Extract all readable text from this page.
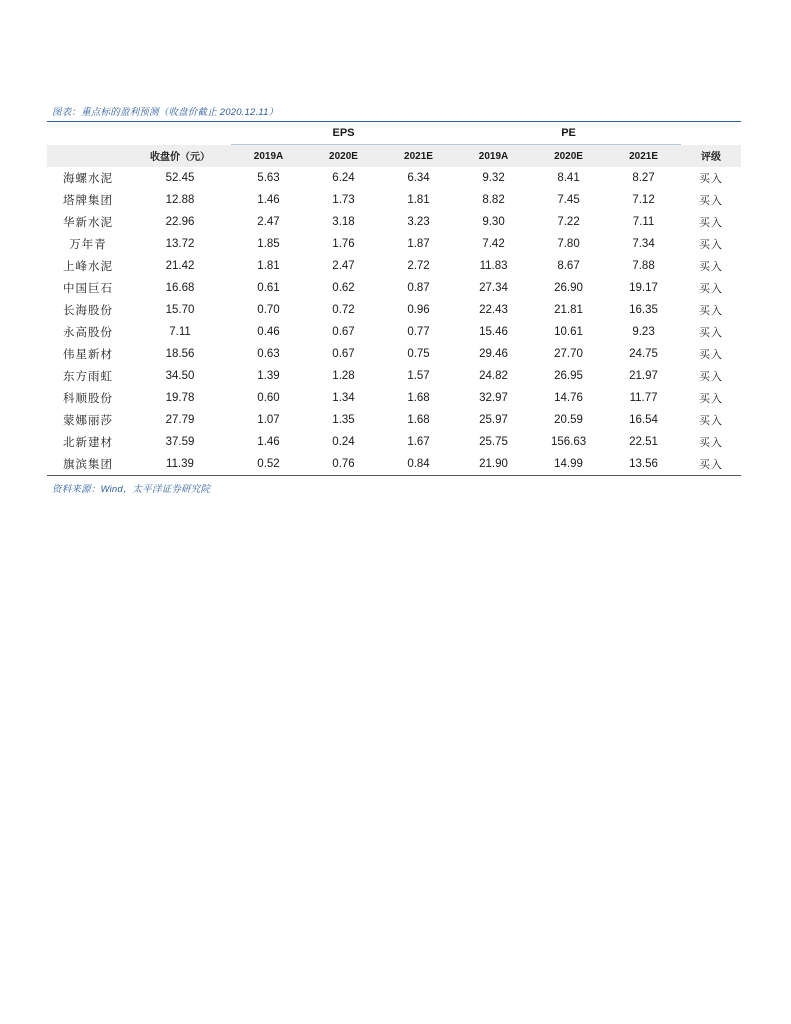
图表：重点标的盈利预测（收盘价截止 2020.12.11）
		EPS			PE			
	收盘价（元）	2019A	2020E	2021E	2019A	2020E	2021E	评级
海螺水泥	52.45	5.63	6.24	6.34	9.32	8.41	8.27	买入
塔牌集团	12.88	1.46	1.73	1.81	8.82	7.45	7.12	买入
华新水泥	22.96	2.47	3.18	3.23	9.30	7.22	7.11	买入
万年青	13.72	1.85	1.76	1.87	7.42	7.80	7.34	买入
上峰水泥	21.42	1.81	2.47	2.72	11.83	8.67	7.88	买入
中国巨石	16.68	0.61	0.62	0.87	27.34	26.90	19.17	买入
长海股份	15.70	0.70	0.72	0.96	22.43	21.81	16.35	买入
永高股份	7.11	0.46	0.67	0.77	15.46	10.61	9.23	买入
伟星新材	18.56	0.63	0.67	0.75	29.46	27.70	24.75	买入
东方雨虹	34.50	1.39	1.28	1.57	24.82	26.95	21.97	买入
科顺股份	19.78	0.60	1.34	1.68	32.97	14.76	11.77	买入
蒙娜丽莎	27.79	1.07	1.35	1.68	25.97	20.59	16.54	买入
北新建材	37.59	1.46	0.24	1.67	25.75	156.63	22.51	买入
旗滨集团	11.39	0.52	0.76	0.84	21.90	14.99	13.56	买入
资料来源：Wind，太平洋证券研究院
